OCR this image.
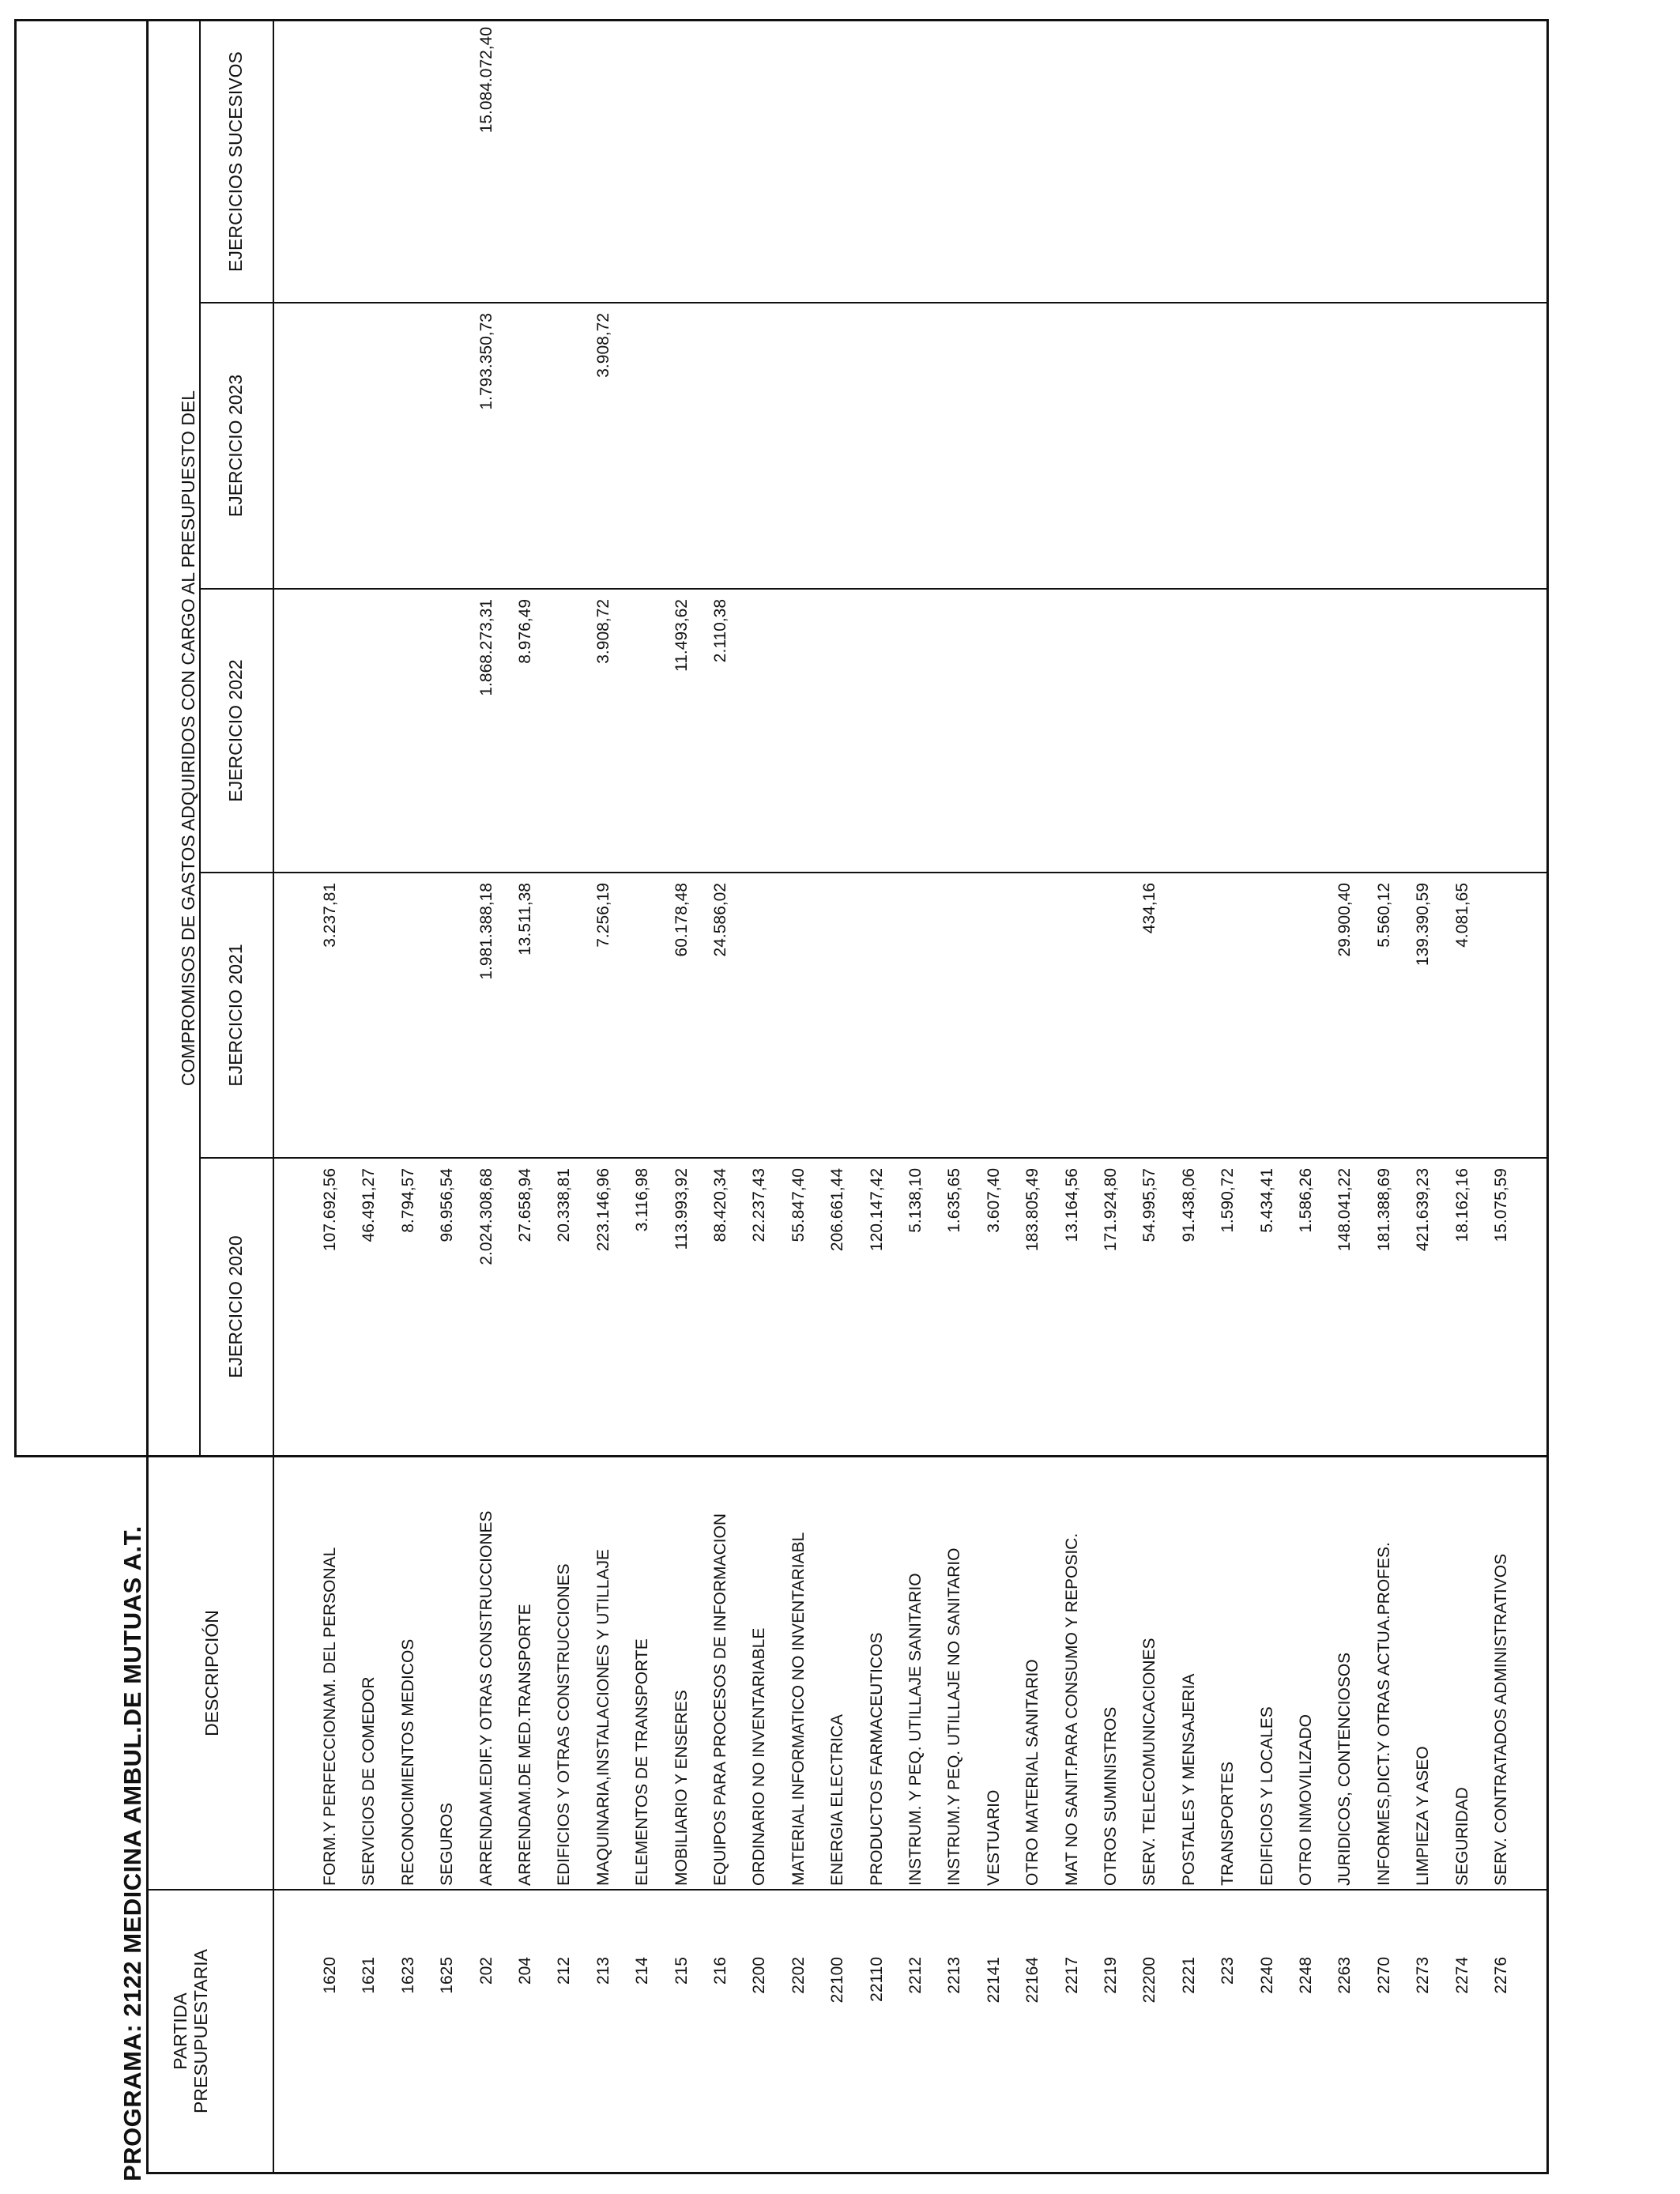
PROGRAMA: 2122 MEDICINA AMBUL.DE MUTUAS A.T. PARTIDA PRESUPUESTARIA
DESCRIPCIÓN
COMPROMISOS DE GASTOS ADQUIRIDOS CON CARGO AL PRESUPUESTO DEL
EJERCICIO 2020
EJERCICIO 2021
EJERCICIO 2022
EJERCICIO 2023
EJERCICIOS SUCESIVOS
1620
FORM.Y PERFECCIONAM. DEL PERSONAL
107.692,56
3.237,81
1621
SERVICIOS DE COMEDOR
46.491,27
1623
RECONOCIMIENTOS MEDICOS
8.794,57
1625
SEGUROS
96.956,54
202
ARRENDAM.EDIF.Y OTRAS CONSTRUCCIONES
2.024.308,68
1.981.388,18
1.868.273,31
1.793.350,73
15.084.072,40
204
ARRENDAM.DE MED.TRANSPORTE
27.658,94
13.511,38
8.976,49
212
EDIFICIOS Y OTRAS CONSTRUCCIONES
20.338,81
213
MAQUINARIA,INSTALACIONES Y UTILLAJE
223.146,96
7.256,19
3.908,72
3.908,72
214
ELEMENTOS DE TRANSPORTE
3.116,98
215
MOBILIARIO Y ENSERES
113.993,92
60.178,48
11.493,62
216
EQUIPOS PARA PROCESOS DE INFORMACION
88.420,34
24.586,02
2.110,38
2200
ORDINARIO NO INVENTARIABLE
22.237,43
2202
MATERIAL INFORMATICO NO INVENTARIABL
55.847,40
22100
ENERGIA ELECTRICA
206.661,44
22110
PRODUCTOS FARMACEUTICOS
120.147,42
2212
INSTRUM. Y PEQ. UTILLAJE SANITARIO
5.138,10
2213
INSTRUM.Y PEQ. UTILLAJE NO SANITARIO
1.635,65
22141
VESTUARIO
3.607,40
22164
OTRO MATERIAL SANITARIO
183.805,49
2217
MAT NO SANIT.PARA CONSUMO Y REPOSIC.
13.164,56
2219
OTROS SUMINISTROS
171.924,80
22200
SERV. TELECOMUNICACIONES
54.995,57
434,16
2221
POSTALES Y MENSAJERIA
91.438,06
223
TRANSPORTES
1.590,72
2240
EDIFICIOS Y LOCALES
5.434,41
2248
OTRO INMOVILIZADO
1.586,26
2263
JURIDICOS, CONTENCIOSOS
148.041,22
29.900,40
2270
INFORMES,DICT.Y OTRAS ACTUA.PROFES.
181.388,69
5.560,12
2273
LIMPIEZA Y ASEO
421.639,23
139.390,59
2274
SEGURIDAD
18.162,16
4.081,65
2276
SERV. CONTRATADOS ADMINISTRATIVOS
15.075,59
